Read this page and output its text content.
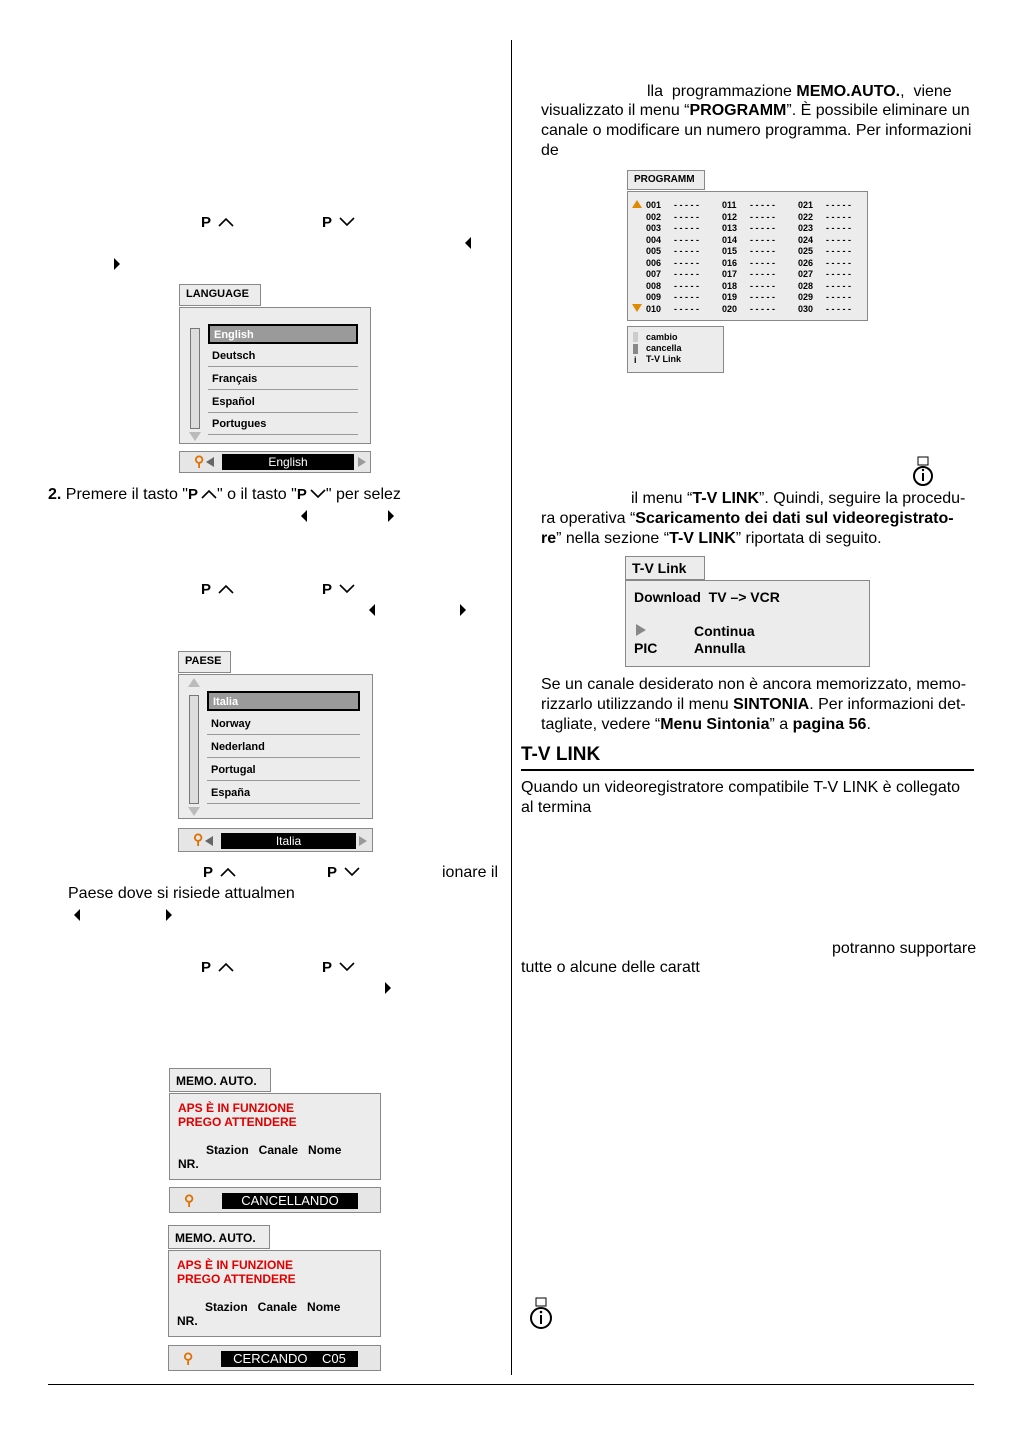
P	P
LANGUAGE
English
Deutsch
Français
Español
Portugues
⚲	English
2. Premere il tasto "P " o il tasto "P " per selez
P	P
PAESE
Italia
Norway
Nederland
Portugal
España
⚲	Italia
P	P	ionare il
Paese dove si risiede attualmen
P	P
MEMO. AUTO.
APS È IN FUNZIONE
PREGO ATTENDERE
Stazion   Canale   Nome
NR.
⚲	CANCELLANDO
MEMO. AUTO.
APS È IN FUNZIONE
PREGO ATTENDERE
Stazion   Canale   Nome
NR.
⚲	CERCANDO    C05
lla  programmazione MEMO.AUTO.,  viene
visualizzato il menu “PROGRAMM”. È possibile eliminare un
canale o modificare un numero programma. Per informazioni
de
PROGRAMM
001 - - - - -	011 - - - - -	021 - - - - -
002 - - - - -	012 - - - - -	022 - - - - -
003 - - - - -	013 - - - - -	023 - - - - -
004 - - - - -	014 - - - - -	024 - - - - -
005 - - - - -	015 - - - - -	025 - - - - -
006 - - - - -	016 - - - - -	026 - - - - -
007 - - - - -	017 - - - - -	027 - - - - -
008 - - - - -	018 - - - - -	028 - - - - -
009 - - - - -	019 - - - - -	029 - - - - -
010 - - - - -	020 - - - - -	030 - - - - -
i
cambio
cancella
T-V Link
il menu “T-V LINK”. Quindi, seguire la procedu-
ra operativa “Scaricamento dei dati sul videoregistrato-
re” nella sezione “T-V LINK” riportata di seguito.
T-V Link
Download  TV –> VCR
Continua
PIC	Annulla
Se un canale desiderato non è ancora memorizzato, memo-
rizzarlo utilizzando il menu SINTONIA. Per informazioni det-
tagliate, vedere “Menu Sintonia” a pagina 56.
T-V LINK
Quando un videoregistratore compatibile T-V LINK è collegato
al termina
potranno supportare
tutte o alcune delle caratt
